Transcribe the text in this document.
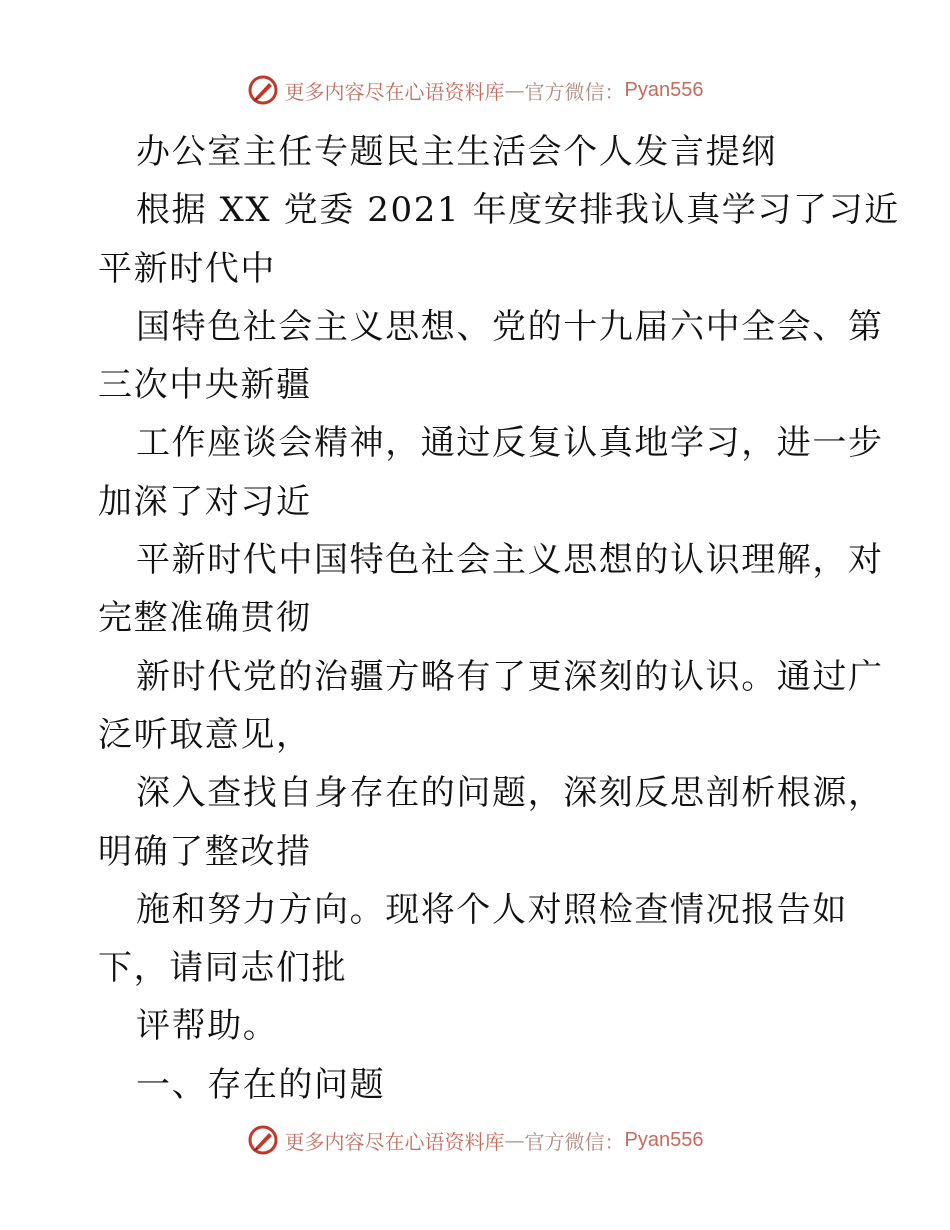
更多内容尽在心语资料库 — 官方微信： Pyan556
办公室主任专题民主生活会个人发言提纲
根据 XX 党委 2021 年度安排我认真学习了习近
平新时代中
国特色社会主义思想、党的十九届六中全会、第
三次中央新疆
工作座谈会精神，通过反复认真地学习，进一步
加深了对习近
平新时代中国特色社会主义思想的认识理解，对
完整准确贯彻
新时代党的治疆方略有了更深刻的认识。通过广
泛听取意见，
深入查找自身存在的问题，深刻反思剖析根源，
明确了整改措
施和努力方向。现将个人对照检查情况报告如
下，请同志们批
评帮助。
一、存在的问题
更多内容尽在心语资料库 — 官方微信： Pyan556
